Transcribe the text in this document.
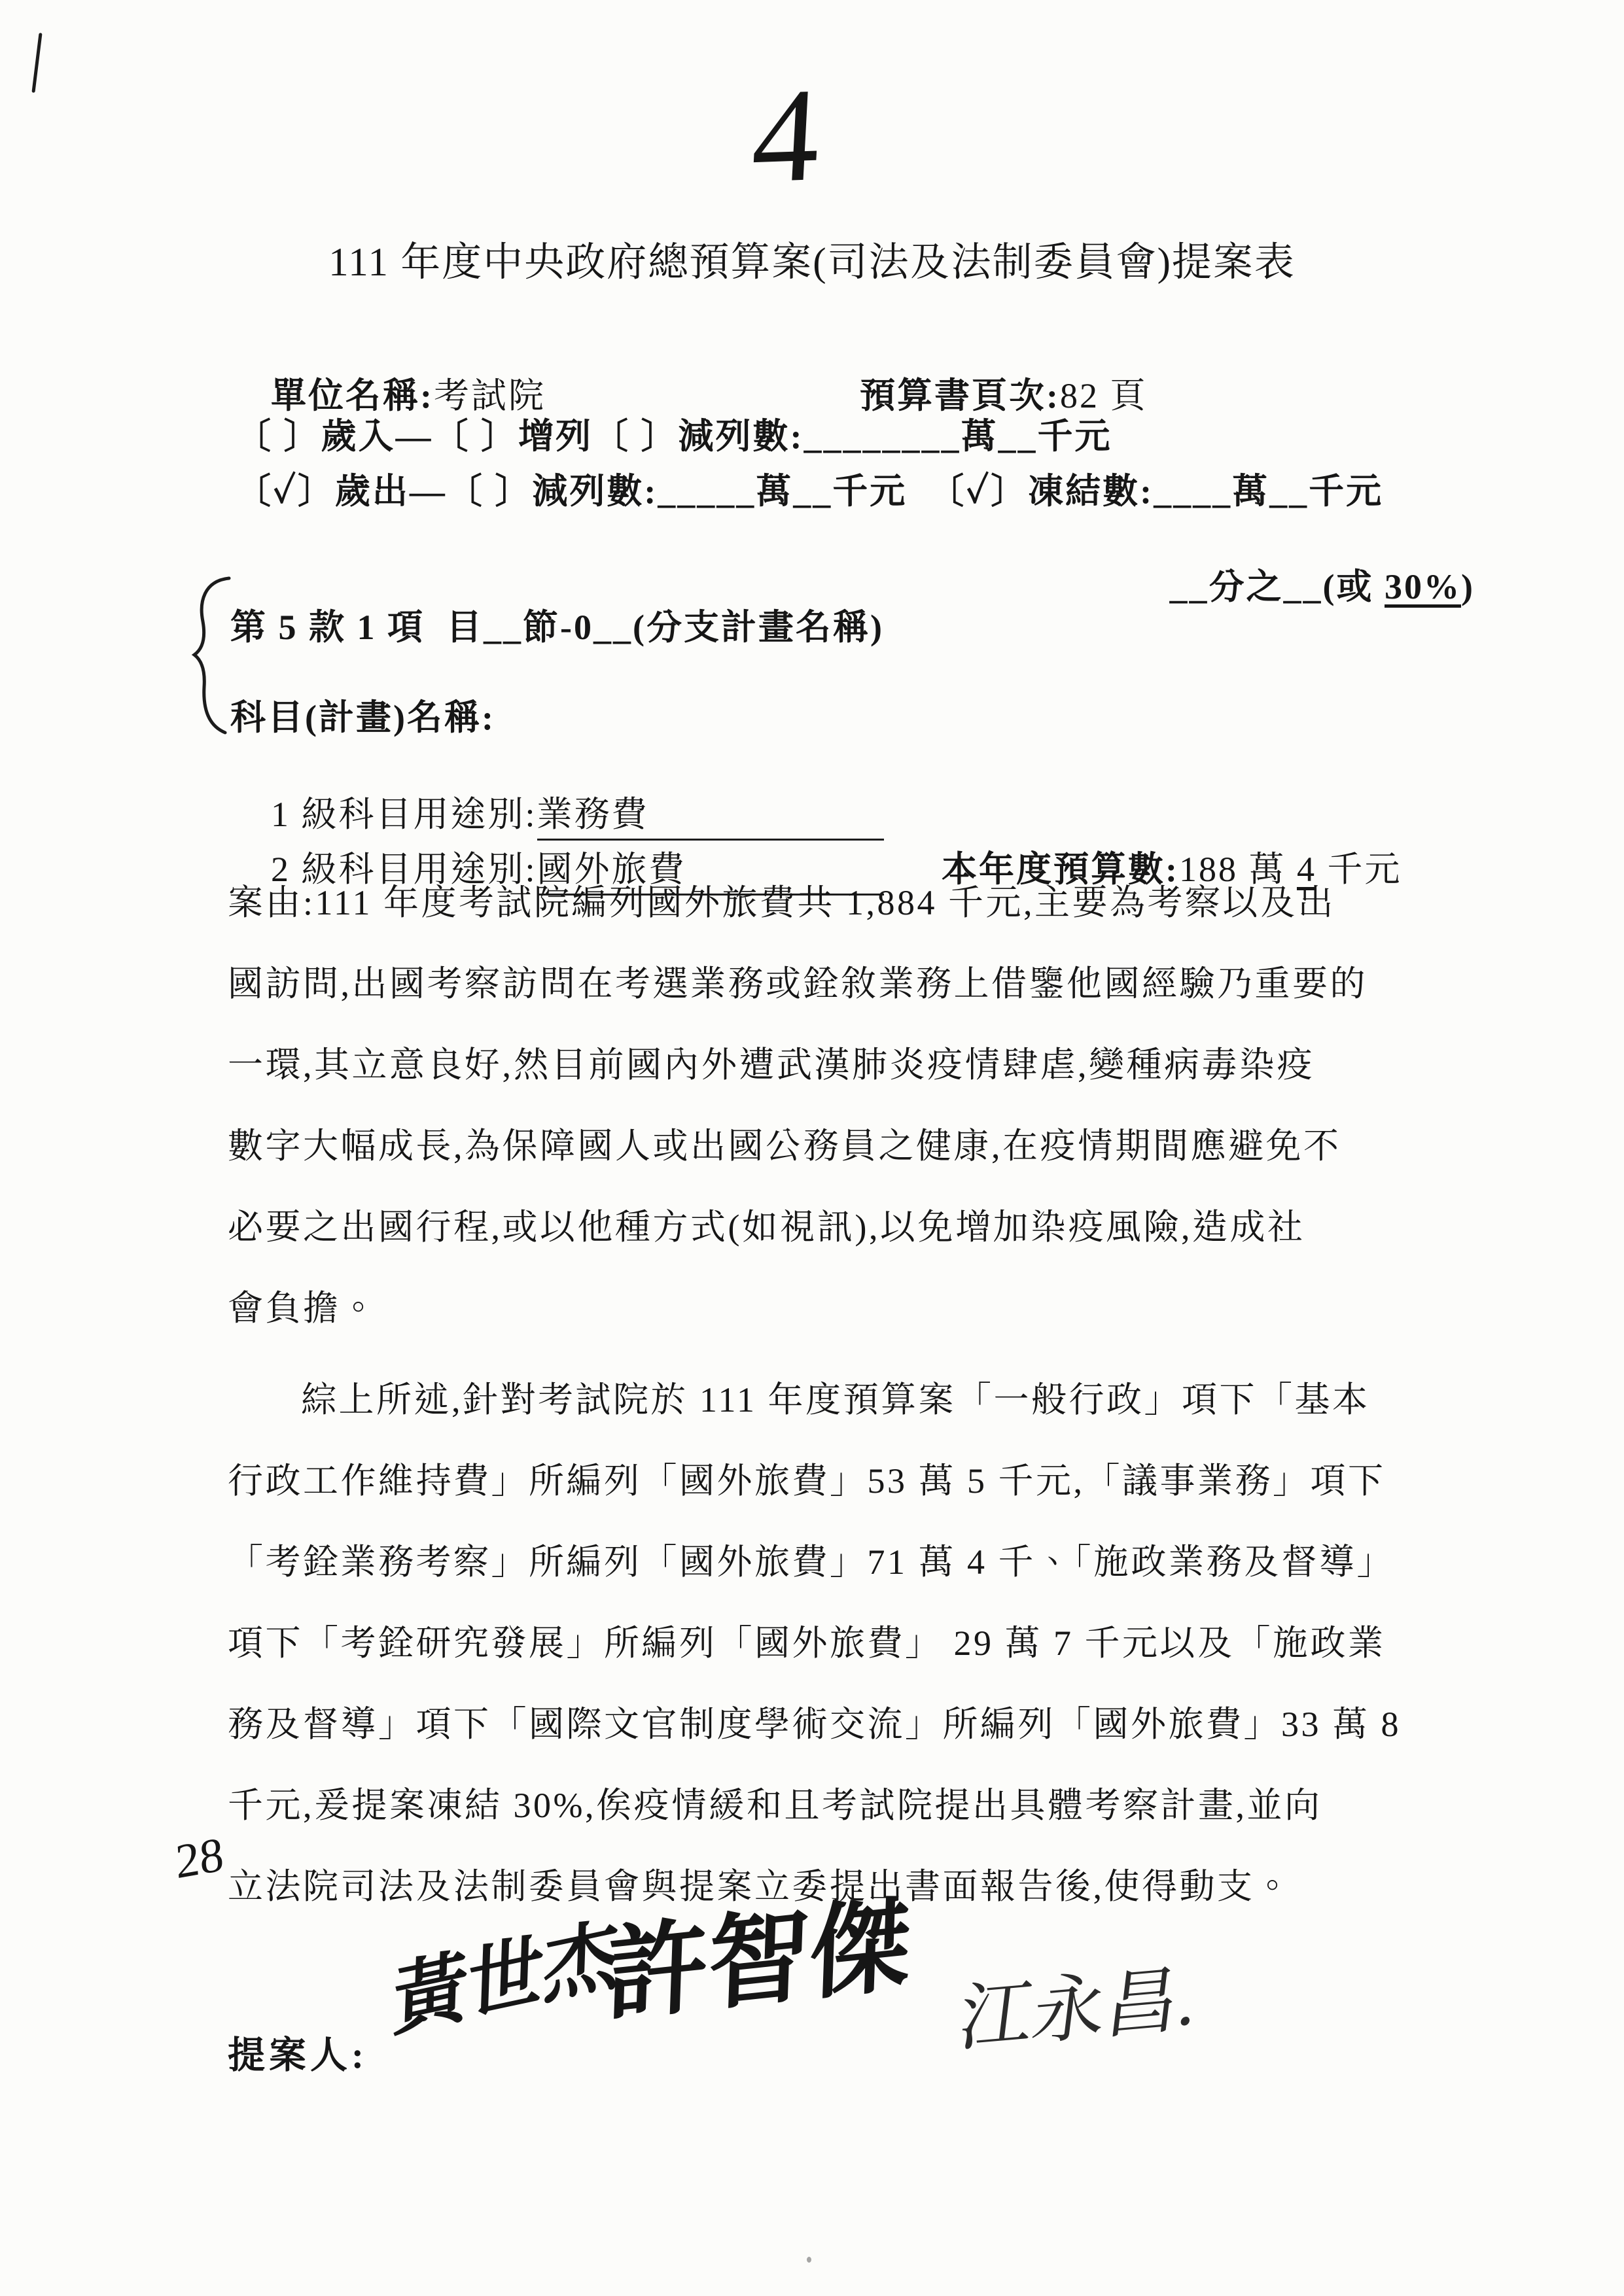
4
111 年度中央政府總預算案(司法及法制委員會)提案表

單位名稱:考試院
	預算書頁次:82 頁

〔 〕歲入—〔 〕增列〔 〕減列數:________萬__千元
〔✓〕歲出—〔 〕減列數:_____萬__千元  〔✓〕凍結數:____萬__千元

__分之__(或 30%)

第 5 款 1 項  目__節-0__(分支計畫名稱)
科目(計畫)名稱:

1 級科目用途別:業務費

2 級科目用途別:國外旅費
	本年度預算數:188 萬 4 千元

案由:111 年度考試院編列國外旅費共 1,884 千元,主要為考察以及出
國訪問,出國考察訪問在考選業務或銓敘業務上借鑒他國經驗乃重要的
一環,其立意良好,然目前國內外遭武漢肺炎疫情肆虐,變種病毒染疫
數字大幅成長,為保障國人或出國公務員之健康,在疫情期間應避免不
必要之出國行程,或以他種方式(如視訊),以免增加染疫風險,造成社
會負擔。
綜上所述,針對考試院於 111 年度預算案「一般行政」項下「基本
行政工作維持費」所編列「國外旅費」53 萬 5 千元,「議事業務」項下
「考銓業務考察」所編列「國外旅費」71 萬 4 千、「施政業務及督導」
項下「考銓研究發展」所編列「國外旅費」 29 萬 7 千元以及「施政業
務及督導」項下「國際文官制度學術交流」所編列「國外旅費」33 萬 8
千元,爰提案凍結 30%,俟疫情緩和且考試院提出具體考察計畫,並向
立法院司法及法制委員會與提案立委提出書面報告後,使得動支。
28
提案人:
黃世杰
許智傑 江永昌.
